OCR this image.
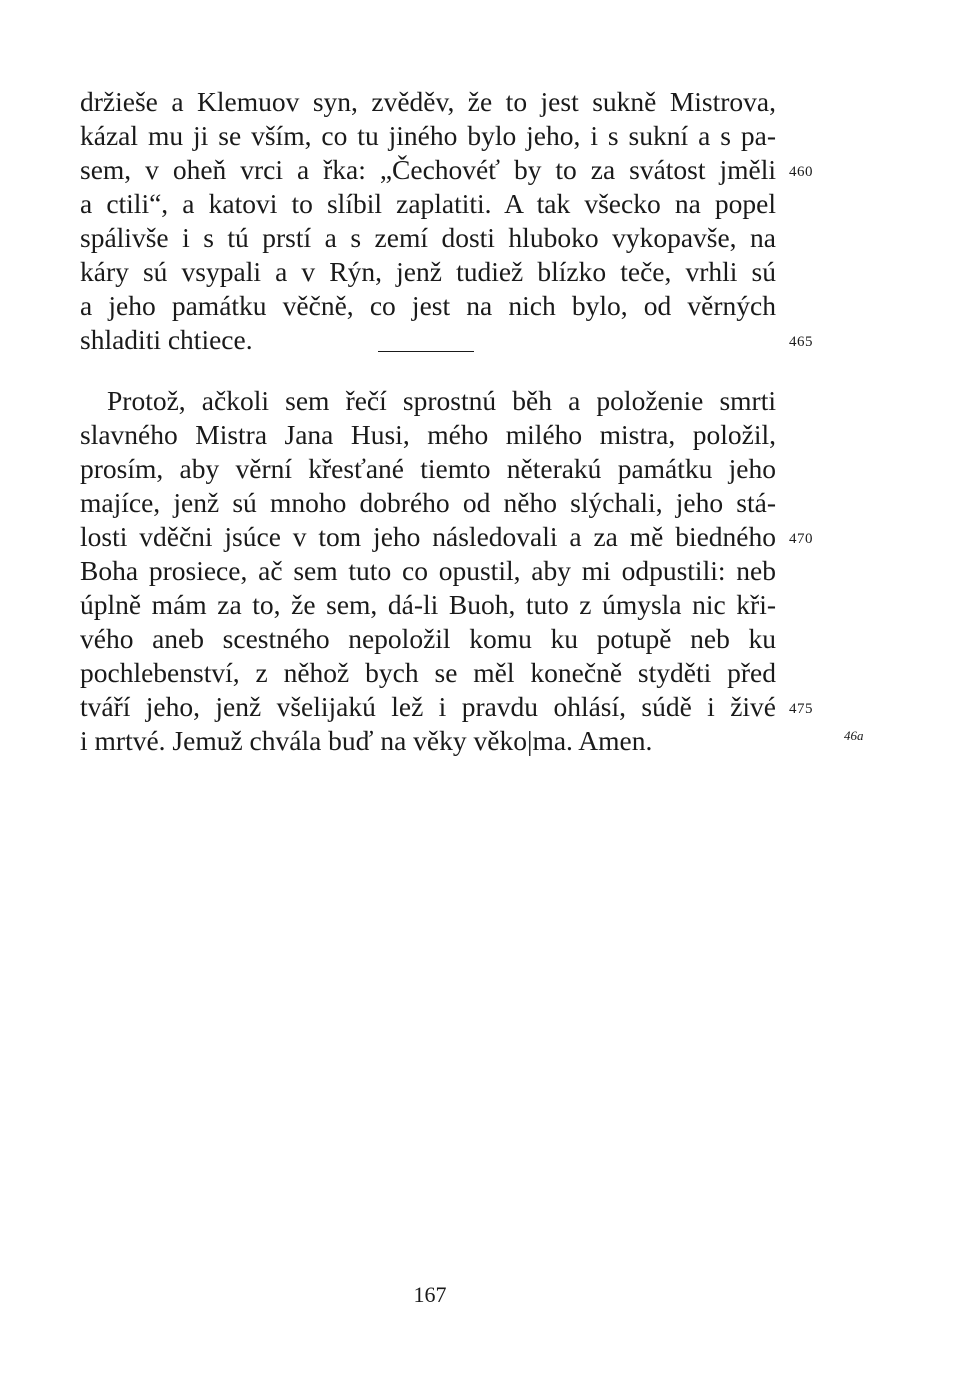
držieše a Klemuov syn, zvěděv, že to jest sukně Mistrova,
kázal mu ji se vším, co tu jiného bylo jeho, i s sukní a s pa-
sem, v oheň vrci a řka: „Čechovéť by to za svátost jměli
a ctili“, a katovi to slíbil zaplatiti. A tak všecko na popel
spálivše i s tú prstí a s zemí dosti hluboko vykopavše, na
káry sú vsypali a v Rýn, jenž tudiež blízko teče, vrhli sú
a jeho památku věčně, co jest na nich bylo, od věrných
shladiti chtiece.
Protož, ačkoli sem řečí sprostnú běh a položenie smrti
slavného Mistra Jana Husi, mého milého mistra, položil,
prosím, aby věrní křesťané tiemto něterakú památku jeho
majíce, jenž sú mnoho dobrého od něho slýchali, jeho stá-
losti vděčni jsúce v tom jeho následovali a za mě biedného
Boha prosiece, ač sem tuto co opustil, aby mi odpustili: neb
úplně mám za to, že sem, dá-li Buoh, tuto z úmysla nic kři-
vého aneb scestného nepoložil komu ku potupě neb ku
pochlebenství, z něhož bych se měl konečně styděti před
tváří jeho, jenž všelijakú lež i pravdu ohlásí, súdě i živé
i mrtvé. Jemuž chvála buď na věky věko|ma. Amen.
460
465
470
475
46a
167
